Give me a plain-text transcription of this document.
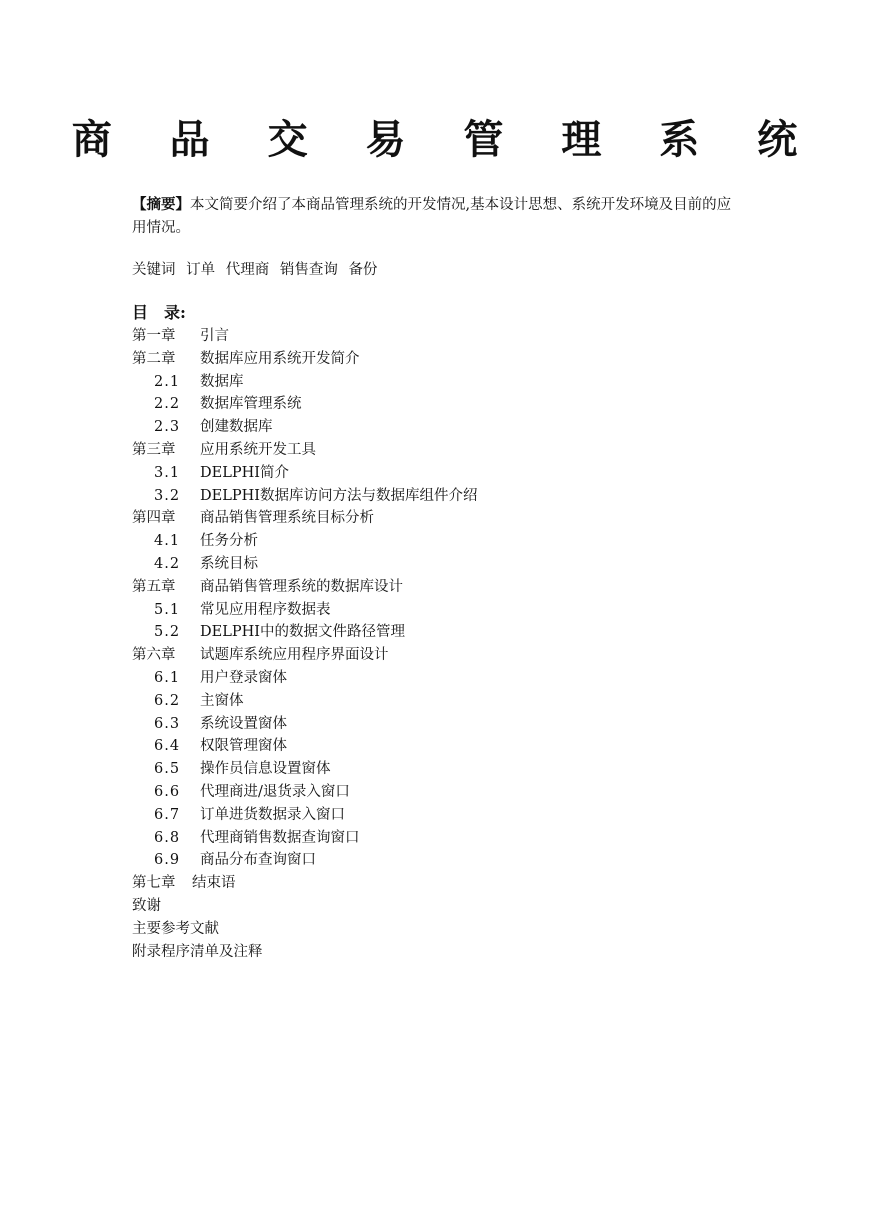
商 品 交 易 管 理 系 统
【摘要】本文简要介绍了本商品管理系统的开发情况,基本设计思想、系统开发环境及目前的应用情况。
关键词 订单 代理商 销售查询 备份
目　录:
第一章 引言
第二章 数据库应用系统开发简介
2.1 数据库
2.2 数据库管理系统
2.3 创建数据库
第三章 应用系统开发工具
3.1 DELPHI简介
3.2 DELPHI数据库访问方法与数据库组件介绍
第四章 商品销售管理系统目标分析
4.1 任务分析
4.2 系统目标
第五章 商品销售管理系统的数据库设计
5.1 常见应用程序数据表
5.2 DELPHI中的数据文件路径管理
第六章 试题库系统应用程序界面设计
6.1 用户登录窗体
6.2 主窗体
6.3 系统设置窗体
6.4 权限管理窗体
6.5 操作员信息设置窗体
6.6 代理商进/退货录入窗口
6.7 订单进货数据录入窗口
6.8 代理商销售数据查询窗口
6.9 商品分布查询窗口
第七章 结束语
致谢
主要参考文献
附录程序清单及注释
